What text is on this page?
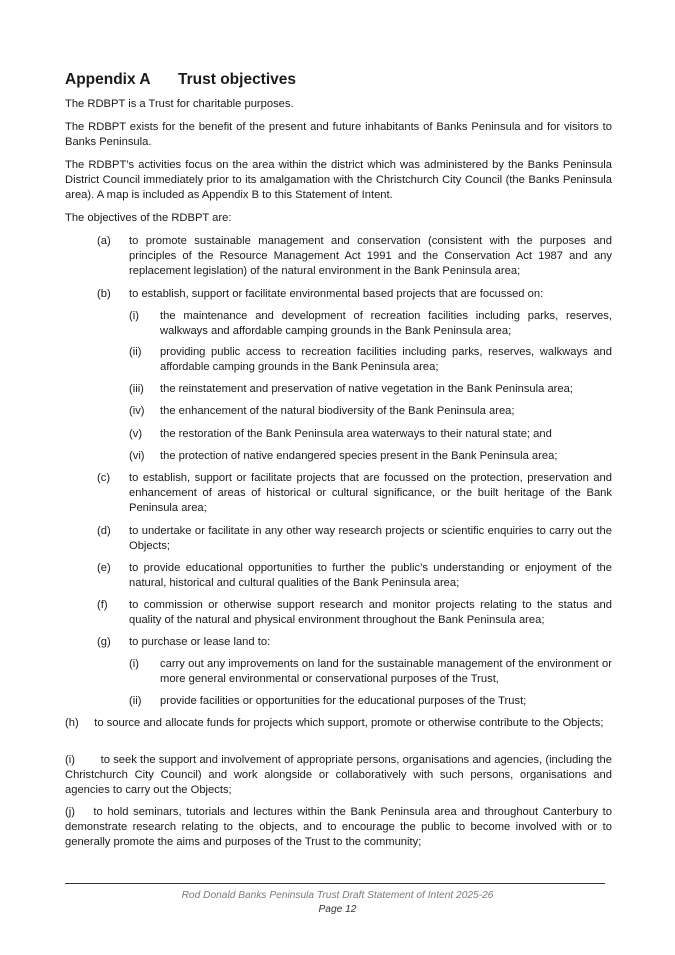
Appendix A Trust objectives

The RDBPT is a Trust for charitable purposes.

The RDBPT exists for the benefit of the present and future inhabitants of Banks Peninsula and for visitors to Banks Peninsula.

The RDBPT’s activities focus on the area within the district which was administered by the Banks Peninsula District Council immediately prior to its amalgamation with the Christchurch City Council (the Banks Peninsula area). A map is included as Appendix B to this Statement of Intent.

The objectives of the RDBPT are:

(a) to promote sustainable management and conservation (consistent with the purposes and principles of the Resource Management Act 1991 and the Conservation Act 1987 and any replacement legislation) of the natural environment in the Bank Peninsula area;
(b) to establish, support or facilitate environmental based projects that are focussed on:
(i) the maintenance and development of recreation facilities including parks, reserves, walkways and affordable camping grounds in the Bank Peninsula area;
(ii) providing public access to recreation facilities including parks, reserves, walkways and affordable camping grounds in the Bank Peninsula area;
(iii) the reinstatement and preservation of native vegetation in the Bank Peninsula area;
(iv) the enhancement of the natural biodiversity of the Bank Peninsula area;
(v) the restoration of the Bank Peninsula area waterways to their natural state; and
(vi) the protection of native endangered species present in the Bank Peninsula area;
(c) to establish, support or facilitate projects that are focussed on the protection, preservation and enhancement of areas of historical or cultural significance, or the built heritage of the Bank Peninsula area;
(d) to undertake or facilitate in any other way research projects or scientific enquiries to carry out the Objects;
(e) to provide educational opportunities to further the public’s understanding or enjoyment of the natural, historical and cultural qualities of the Bank Peninsula area;
(f) to commission or otherwise support research and monitor projects relating to the status and quality of the natural and physical environment throughout the Bank Peninsula area;
(g) to purchase or lease land to:
(i) carry out any improvements on land for the sustainable management of the environment or more general environmental or conservational purposes of the Trust,
(ii) provide facilities or opportunities for the educational purposes of the Trust;

(h)     to source and allocate funds for projects which support, promote or otherwise contribute to the Objects;

(i)        to seek the support and involvement of appropriate persons, organisations and agencies, (including the Christchurch City Council) and work alongside or collaboratively with such persons, organisations and agencies to carry out the Objects;

(j)    to hold seminars, tutorials and lectures within the Bank Peninsula area and throughout Canterbury to demonstrate research relating to the objects, and to encourage the public to become involved with or to generally promote the aims and purposes of the Trust to the community;

Rod Donald Banks Peninsula Trust Draft Statement of Intent 2025-26
Page 12
